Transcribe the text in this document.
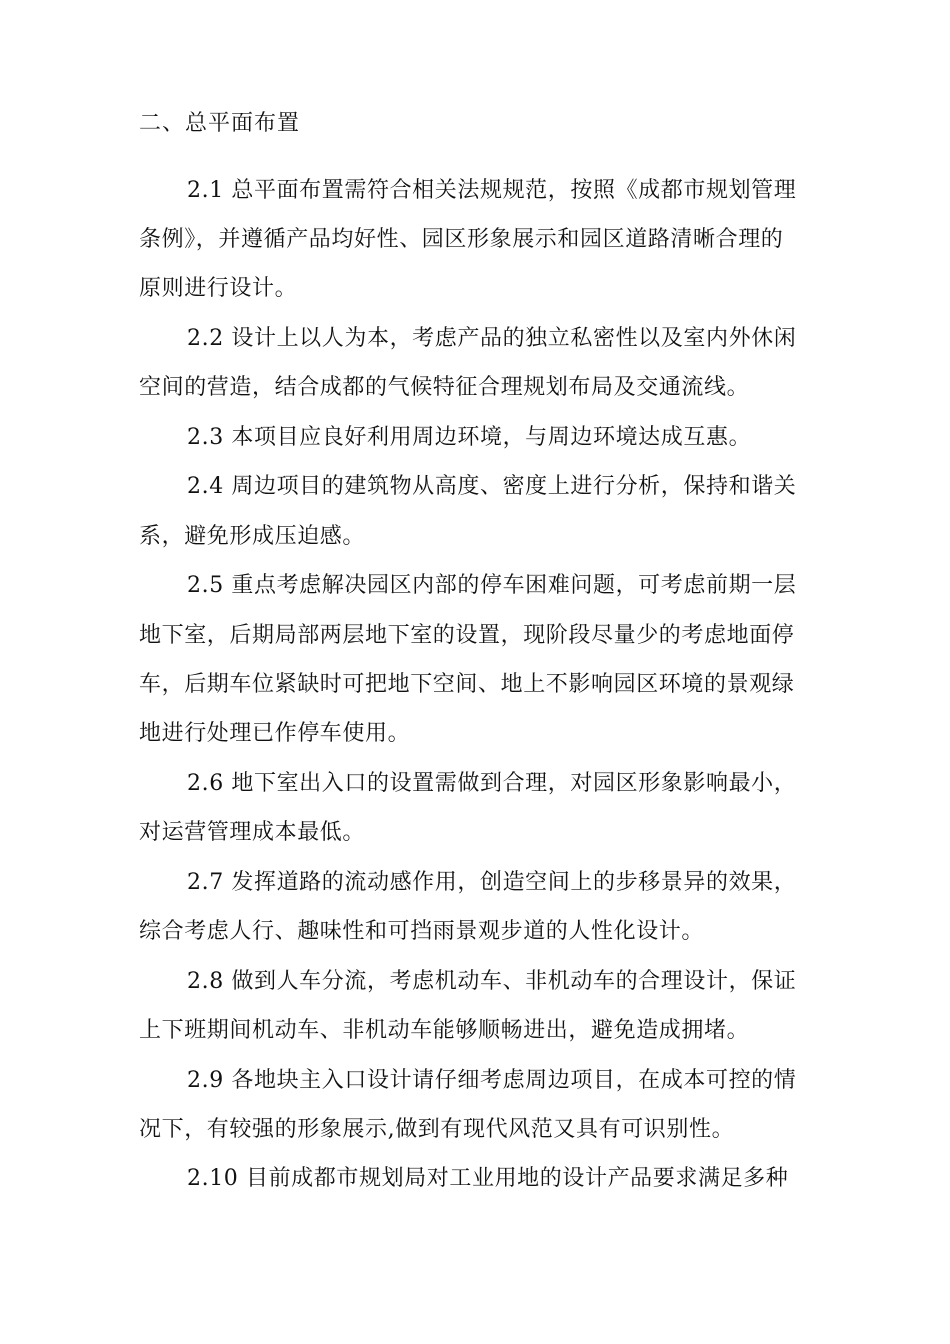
二、总平面布置
2.1 总平面布置需符合相关法规规范，按照《成都市规划管理
条例》，并遵循产品均好性、园区形象展示和园区道路清晰合理的
原则进行设计。
2.2 设计上以人为本，考虑产品的独立私密性以及室内外休闲
空间的营造，结合成都的气候特征合理规划布局及交通流线。
2.3 本项目应良好利用周边环境，与周边环境达成互惠。
2.4 周边项目的建筑物从高度、密度上进行分析，保持和谐关
系，避免形成压迫感。
2.5 重点考虑解决园区内部的停车困难问题，可考虑前期一层
地下室，后期局部两层地下室的设置，现阶段尽量少的考虑地面停
车，后期车位紧缺时可把地下空间、地上不影响园区环境的景观绿
地进行处理已作停车使用。
2.6 地下室出入口的设置需做到合理，对园区形象影响最小，
对运营管理成本最低。
2.7 发挥道路的流动感作用，创造空间上的步移景异的效果，
综合考虑人行、趣味性和可挡雨景观步道的人性化设计。
2.8 做到人车分流，考虑机动车、非机动车的合理设计，保证
上下班期间机动车、非机动车能够顺畅进出，避免造成拥堵。
2.9 各地块主入口设计请仔细考虑周边项目，在成本可控的情
况下，有较强的形象展示,做到有现代风范又具有可识别性。
2.10 目前成都市规划局对工业用地的设计产品要求满足多种
